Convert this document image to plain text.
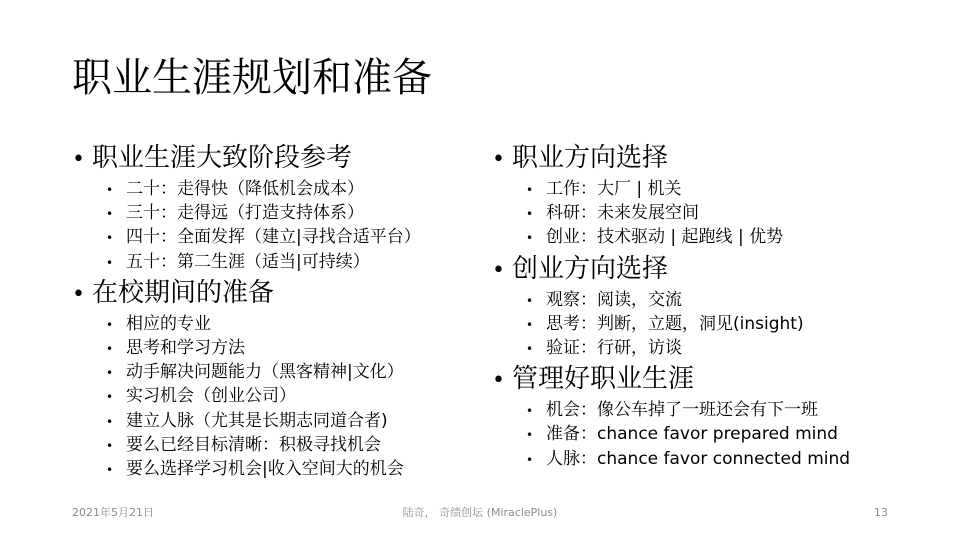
职业生涯规划和准备
• 职业生涯大致阶段参考
• 二十：走得快（降低机会成本）
• 三十：走得远（打造支持体系）
• 四十：全面发挥（建立|寻找合适平台）
• 五十：第二生涯（适当|可持续）
• 在校期间的准备
• 相应的专业
• 思考和学习方法
• 动手解决问题能力（黑客精神|文化）
• 实习机会（创业公司）
• 建立人脉（尤其是长期志同道合者)
• 要么已经目标清晰：积极寻找机会
• 要么选择学习机会|收入空间大的机会
• 职业方向选择
• 工作：大厂 | 机关
• 科研：未来发展空间
• 创业：技术驱动 | 起跑线 | 优势
• 创业方向选择
• 观察：阅读，交流
• 思考：判断，立题，洞见(insight)
• 验证：行研，访谈
• 管理好职业生涯
• 机会：像公车掉了一班还会有下一班
• 准备：chance favor prepared mind
• 人脉：chance favor connected mind
2021年5月21日	陆奇， 奇绩创坛 (MiraclePlus)	13
